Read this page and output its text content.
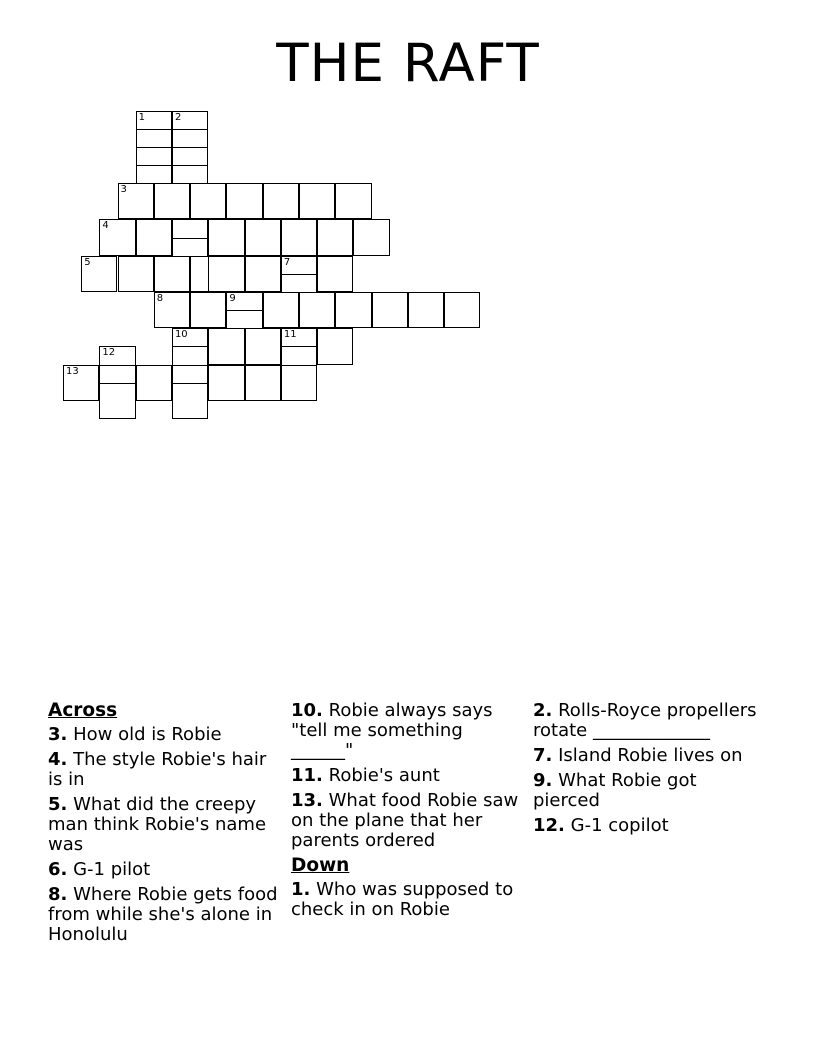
THE RAFT
1	2
10
3
4
5	7
11
8	9
12
13
Across
3. How old is Robie
4. The style Robie's hair is in
5. What did the creepy man think Robie's name was
6. G-1 pilot
8. Where Robie gets food from while she's alone in Honolulu
10. Robie always says "tell me something ______"
11. Robie's aunt
13. What food Robie saw on the plane that her parents ordered
Down
1. Who was supposed to check in on Robie
2. Rolls-Royce propellers rotate _____________
7. Island Robie lives on
9. What Robie got pierced
12. G-1 copilot
